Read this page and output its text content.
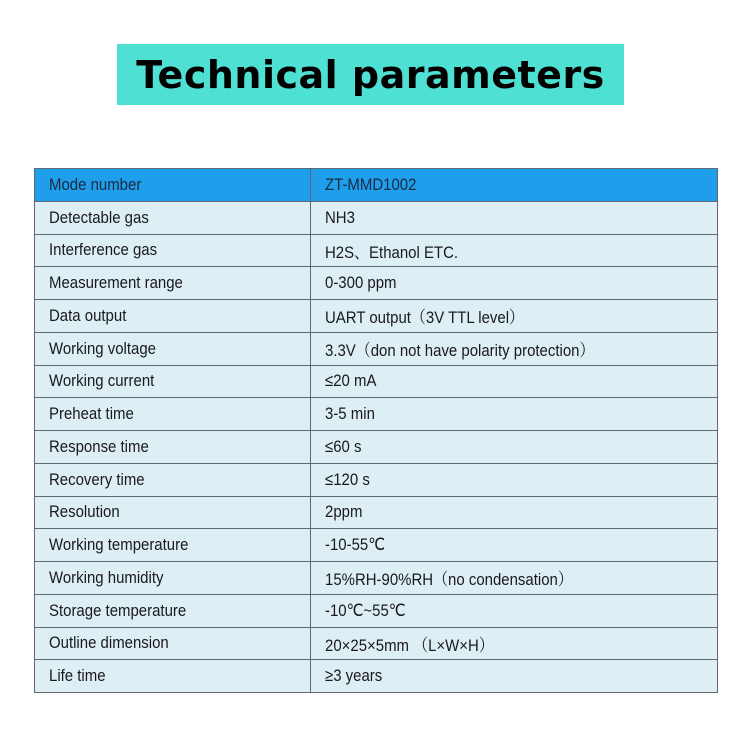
Technical parameters
Mode number	ZT-MMD1002
Detectable gas	NH3
Interference gas	H2S、Ethanol ETC.
Measurement range	0-300 ppm
Data output	UART output（3V TTL level）
Working voltage	3.3V（don not have polarity protection）
Working current	≤20 mA
Preheat time	3-5 min
Response time	≤60 s
Recovery time	≤120 s
Resolution	2ppm
Working temperature	-10-55℃
Working humidity	15%RH-90%RH（no condensation）
Storage temperature	-10℃~55℃
Outline dimension	20×25×5mm （L×W×H）
Life time	≥3 years
